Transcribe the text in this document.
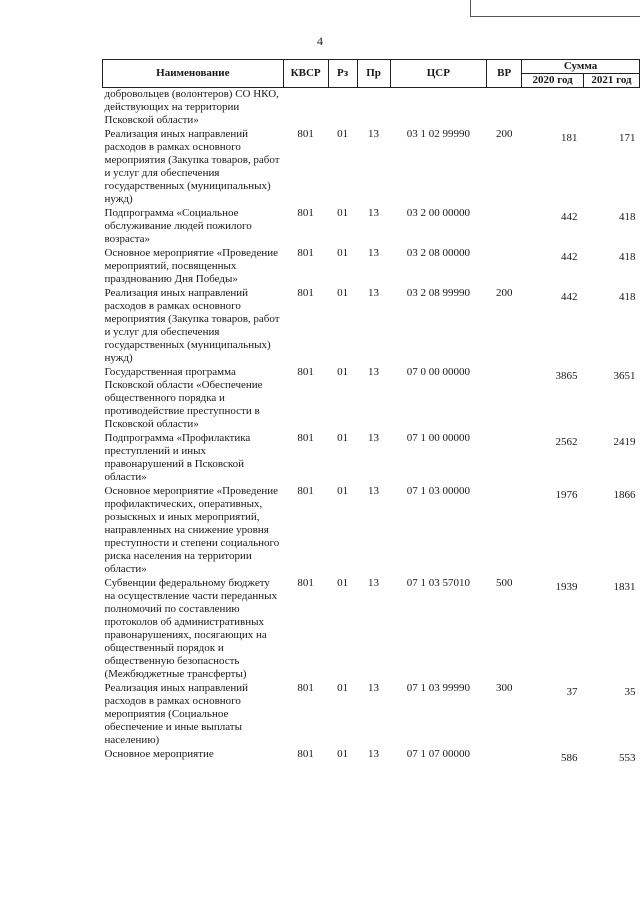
4
Наименование	КВСР	Рз	Пр	ЦСР	ВР	Сумма	
						2020 год	2021 год
добровольцев (волонтеров) СО НКО, действующих на территории Псковской области»							
Реализация иных направлений расходов в рамках основного мероприятия (Закупка товаров, работ и услуг для обеспечения государственных (муниципальных) нужд)	801	01	13	03 1 02 99990	200	181	171
Подпрограмма «Социальное обслуживание людей пожилого возраста»	801	01	13	03 2 00 00000		442	418
Основное мероприятие «Проведение мероприятий, посвященных празднованию Дня Победы»	801	01	13	03 2 08 00000		442	418
Реализация иных направлений расходов в рамках основного мероприятия (Закупка товаров, работ и услуг для обеспечения государственных (муниципальных) нужд)	801	01	13	03 2 08 99990	200	442	418
Государственная программа Псковской области «Обеспечение общественного порядка и противодействие преступности в Псковской области»	801	01	13	07 0 00 00000		3865	3651
Подпрограмма «Профилактика преступлений и иных правонарушений в Псковской области»	801	01	13	07 1 00 00000		2562	2419
Основное мероприятие «Проведение профилактических, оперативных, розыскных и иных мероприятий, направленных на снижение уровня преступности и степени социального риска населения на территории области»	801	01	13	07 1 03 00000		1976	1866
Субвенции федеральному бюджету на осуществление части переданных полномочий по составлению протоколов об административных правонарушениях, посягающих на общественный порядок и общественную безопасность (Межбюджетные трансферты)	801	01	13	07 1 03 57010	500	1939	1831
Реализация иных направлений расходов в рамках основного мероприятия (Социальное обеспечение и иные выплаты населению)	801	01	13	07 1 03 99990	300	37	35
Основное мероприятие	801	01	13	07 1 07 00000		586	553
